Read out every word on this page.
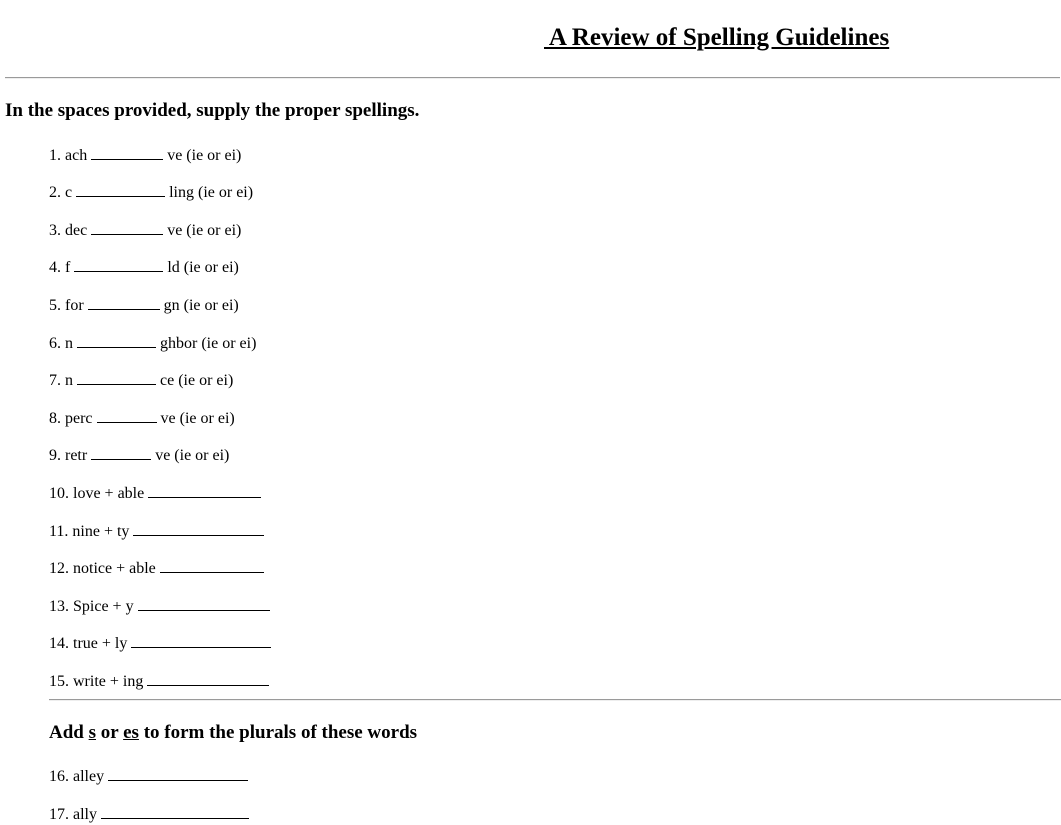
A Review of Spelling Guidelines
In the spaces provided, supply the proper spellings.
1. ach	ve (ie or ei)
2. c	ling (ie or ei)
3. dec	ve (ie or ei)
4. f	ld (ie or ei)
5. for	gn (ie or ei)
6. n	ghbor (ie or ei)
7. n	ce (ie or ei)
8. perc	ve (ie or ei)
9. retr	ve (ie or ei)
10. love + able
11. nine + ty
12. notice + able
13. Spice + y
14. true + ly
15. write + ing
Add s or es to form the plurals of these words
16. alley
17. ally
